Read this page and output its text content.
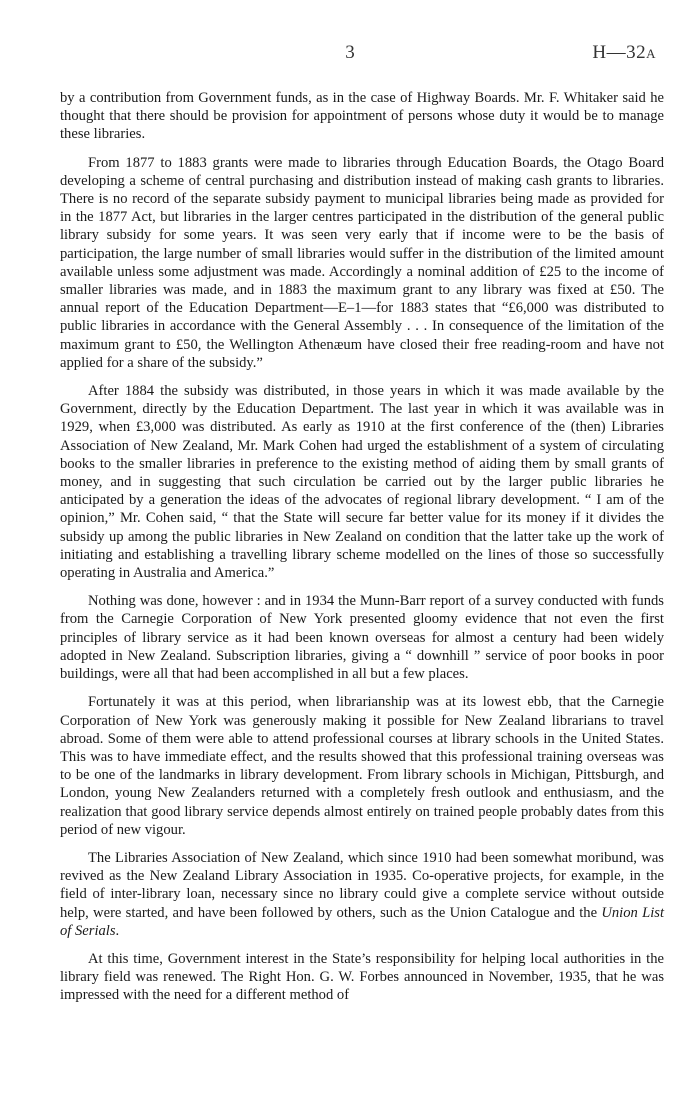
3	H—32A

by a contribution from Government funds, as in the case of Highway Boards. Mr. F. Whitaker said he thought that there should be provision for appointment of persons whose duty it would be to manage these libraries.

From 1877 to 1883 grants were made to libraries through Education Boards, the Otago Board developing a scheme of central purchasing and distribution instead of making cash grants to libraries. There is no record of the separate subsidy payment to municipal libraries being made as provided for in the 1877 Act, but libraries in the larger centres participated in the distribution of the general public library subsidy for some years. It was seen very early that if income were to be the basis of participation, the large number of small libraries would suffer in the distribution of the limited amount available unless some adjustment was made. Accordingly a nominal addition of £25 to the income of smaller libraries was made, and in 1883 the maximum grant to any library was fixed at £50. The annual report of the Education Department—E–1—for 1883 states that “£6,000 was distributed to public libraries in accordance with the General Assembly . . . In consequence of the limitation of the maximum grant to £50, the Wellington Athenæum have closed their free reading-room and have not applied for a share of the subsidy.”

After 1884 the subsidy was distributed, in those years in which it was made available by the Government, directly by the Education Department. The last year in which it was available was in 1929, when £3,000 was distributed. As early as 1910 at the first conference of the (then) Libraries Association of New Zealand, Mr. Mark Cohen had urged the establishment of a system of circulating books to the smaller libraries in preference to the existing method of aiding them by small grants of money, and in suggesting that such circulation be carried out by the larger public libraries he anticipated by a generation the ideas of the advocates of regional library development. “ I am of the opinion,” Mr. Cohen said, “ that the State will secure far better value for its money if it divides the subsidy up among the public libraries in New Zealand on condition that the latter take up the work of initiating and establishing a travelling library scheme modelled on the lines of those so successfully operating in Australia and America.”

Nothing was done, however : and in 1934 the Munn-Barr report of a survey conducted with funds from the Carnegie Corporation of New York presented gloomy evidence that not even the first principles of library service as it had been known overseas for almost a century had been widely adopted in New Zealand. Subscription libraries, giving a “ downhill ” service of poor books in poor buildings, were all that had been accomplished in all but a few places.

Fortunately it was at this period, when librarianship was at its lowest ebb, that the Carnegie Corporation of New York was generously making it possible for New Zealand librarians to travel abroad. Some of them were able to attend professional courses at library schools in the United States. This was to have immediate effect, and the results showed that this professional training overseas was to be one of the landmarks in library development. From library schools in Michigan, Pittsburgh, and London, young New Zealanders returned with a completely fresh outlook and enthusiasm, and the realization that good library service depends almost entirely on trained people probably dates from this period of new vigour.

The Libraries Association of New Zealand, which since 1910 had been somewhat moribund, was revived as the New Zealand Library Association in 1935. Co-operative projects, for example, in the field of inter-library loan, necessary since no library could give a complete service without outside help, were started, and have been followed by others, such as the Union Catalogue and the Union List of Serials.

At this time, Government interest in the State’s responsibility for helping local authorities in the library field was renewed. The Right Hon. G. W. Forbes announced in November, 1935, that he was impressed with the need for a different method of
